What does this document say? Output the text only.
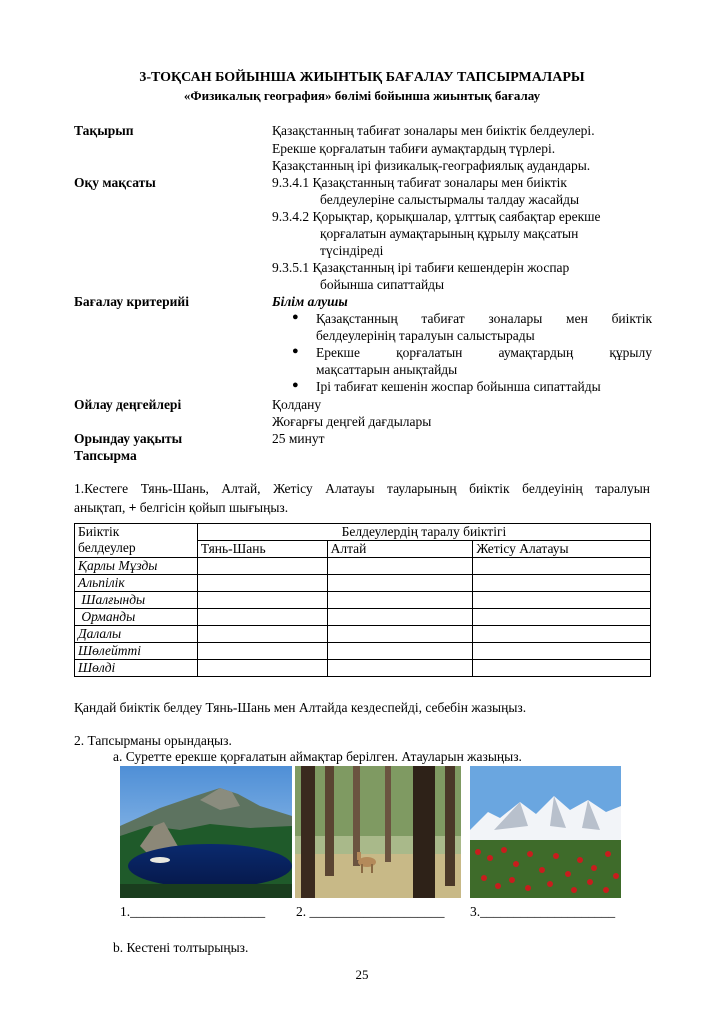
3-ТОҚСАН БОЙЫНША ЖИЫНТЫҚ БАҒАЛАУ ТАПСЫРМАЛАРЫ
«Физикалық география» бөлімі бойынша жиынтық бағалау
Тақырып	Қазақстанның табиғат зоналары мен биіктік белдеулері.
Ерекше қорғалатын табиғи аумақтардың түрлері.
Қазақстанның ірі физикалық-географиялық аудандары.
Оқу мақсаты	9.3.4.1 Қазақстанның табиғат зоналары мен биіктік
белдеулеріне салыстырмалы талдау жасайды
9.3.4.2 Қорықтар, қорықшалар, ұлттық саябақтар ерекше
қорғалатын аумақтарының құрылу мақсатын
түсіндіреді
9.3.5.1 Қазақстанның ірі табиғи кешендерін жоспар
бойынша сипаттайды
Бағалау критерийі	Білім алушы
● Қазақстанның табиғат зоналары мен биіктік
белдеулерінің таралуын салыстырады
● Ерекше қорғалатын аумақтардың құрылу
мақсаттарын анықтайды
● Ірі табиғат кешенін жоспар бойынша сипаттайды
Ойлау деңгейлері	Қолдану
Жоғарғы деңгей дағдылары
Орындау уақыты	25 минут
Тапсырма
1.Кестеге Тянь-Шань, Алтай, Жетісу Алатауы тауларының биіктік белдеуінің таралуын
анықтап, + белгісін қойып шығыңыз.
Биіктік
белдеулер	Белдеулердің таралу биіктігі		
	Тянь-Шань	Алтай	Жетісу Алатауы
Қарлы Мұзды			
Альпілік			
Шалғынды			
Орманды			
Далалы			
Шөлейтті			
Шөлді			
Қандай биіктік белдеу Тянь-Шань мен Алтайда кездеспейді, себебін жазыңыз.
2. Тапсырманы орындаңыз.
a. Суретте ерекше қорғалатын аймақтар берілген. Атауларын жазыңыз.
1.____________________ 2. ____________________ 3.____________________
b. Кестені толтырыңыз.
25
